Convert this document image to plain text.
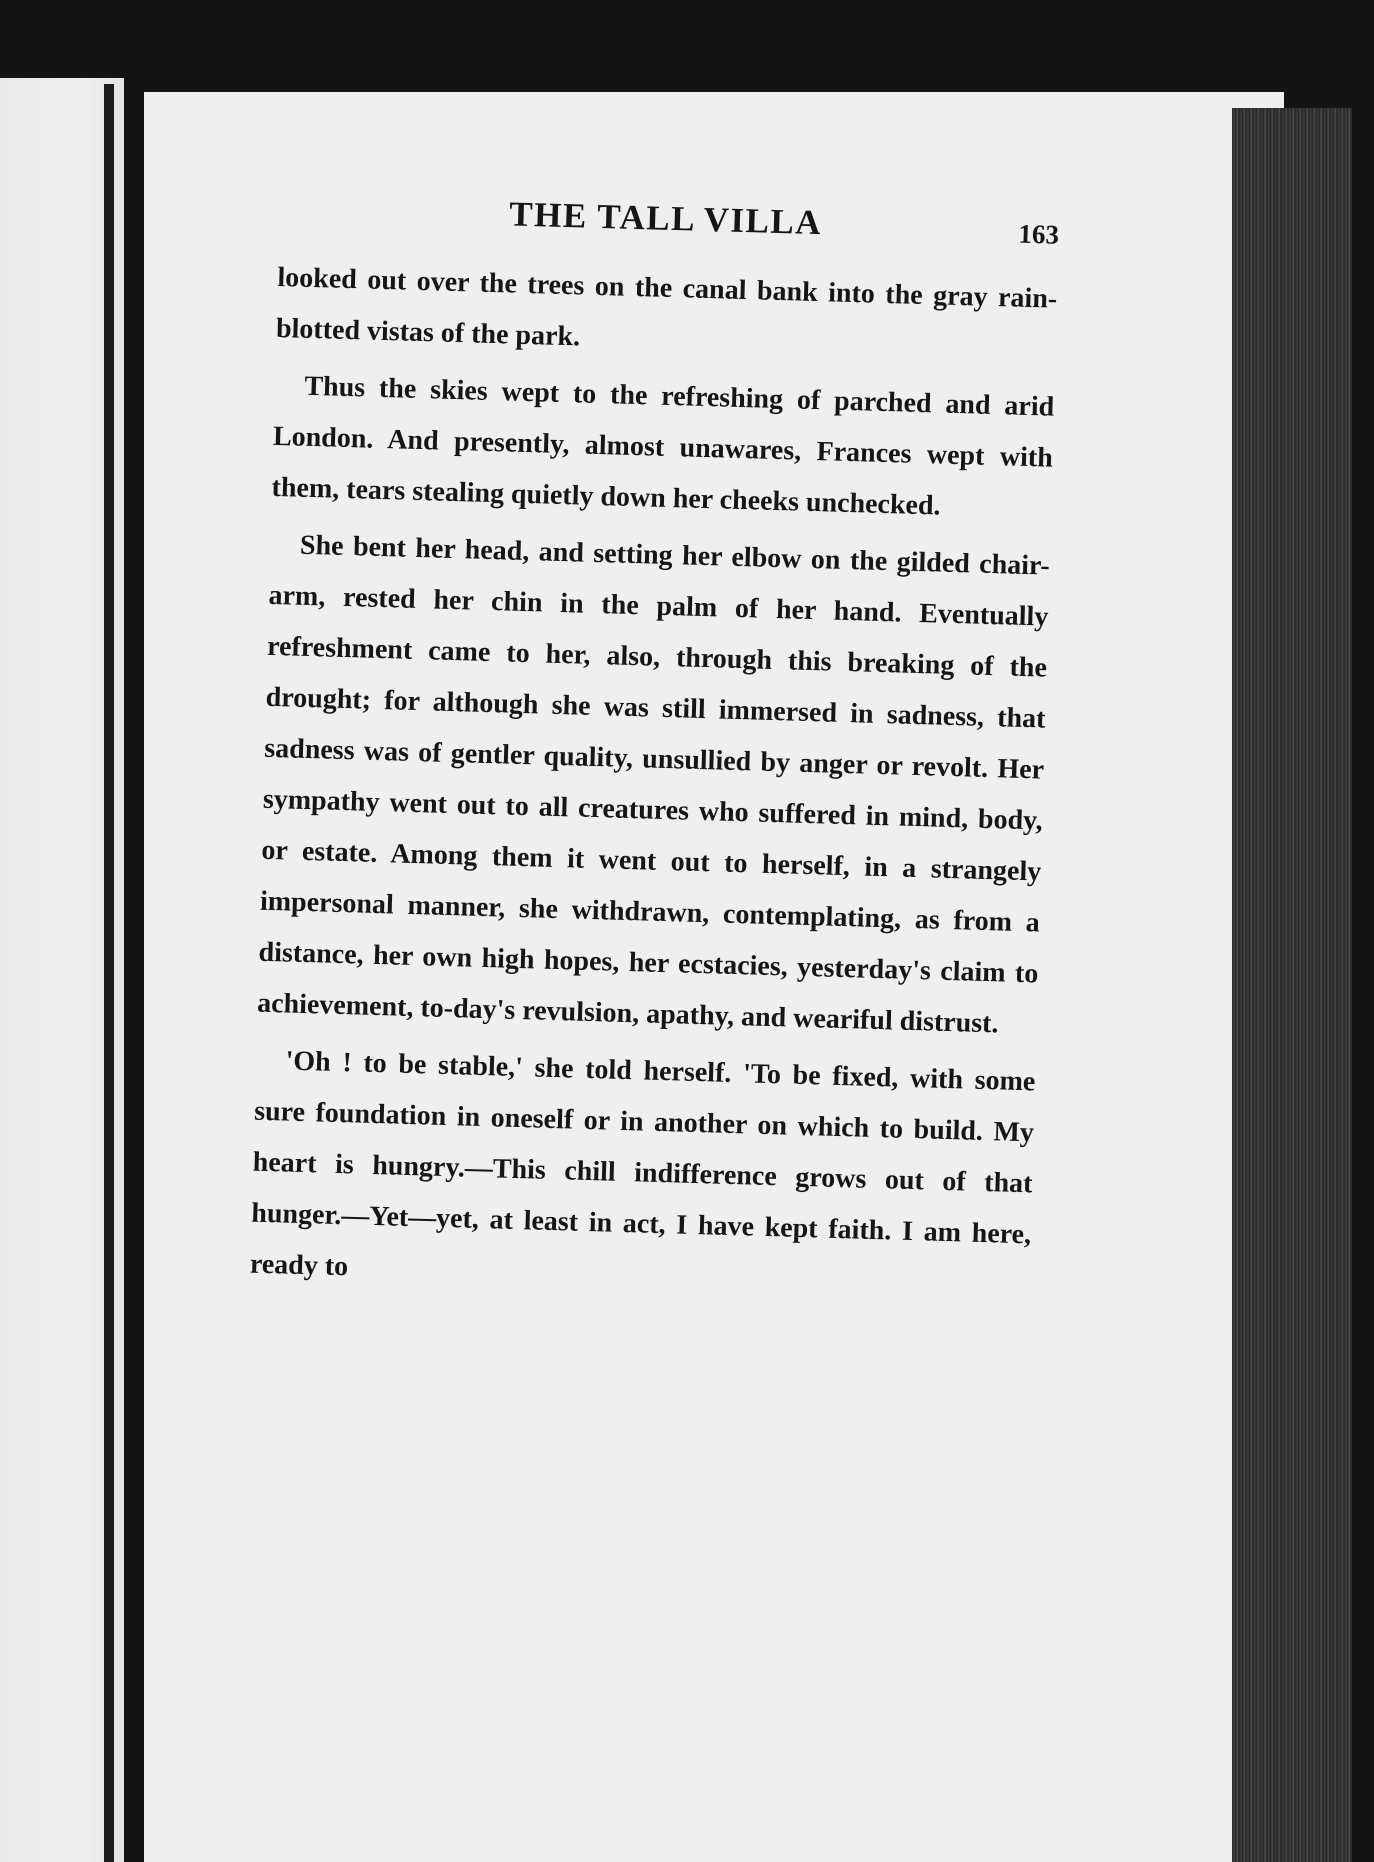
THE TALL VILLA	163

looked out over the trees on the canal bank into the gray rain-blotted vistas of the park.

Thus the skies wept to the refreshing of parched and arid London. And presently, almost unawares, Frances wept with them, tears stealing quietly down her cheeks unchecked.

She bent her head, and setting her elbow on the gilded chair-arm, rested her chin in the palm of her hand. Eventually refreshment came to her, also, through this breaking of the drought; for although she was still immersed in sadness, that sadness was of gentler quality, unsullied by anger or revolt. Her sympathy went out to all creatures who suffered in mind, body, or estate. Among them it went out to herself, in a strangely impersonal manner, she withdrawn, contemplating, as from a distance, her own high hopes, her ecstacies, yesterday's claim to achievement, to-day's revulsion, apathy, and weariful distrust.

'Oh ! to be stable,' she told herself. 'To be fixed, with some sure foundation in oneself or in another on which to build. My heart is hungry.—This chill indifference grows out of that hunger.—Yet—yet, at least in act, I have kept faith. I am here, ready to
